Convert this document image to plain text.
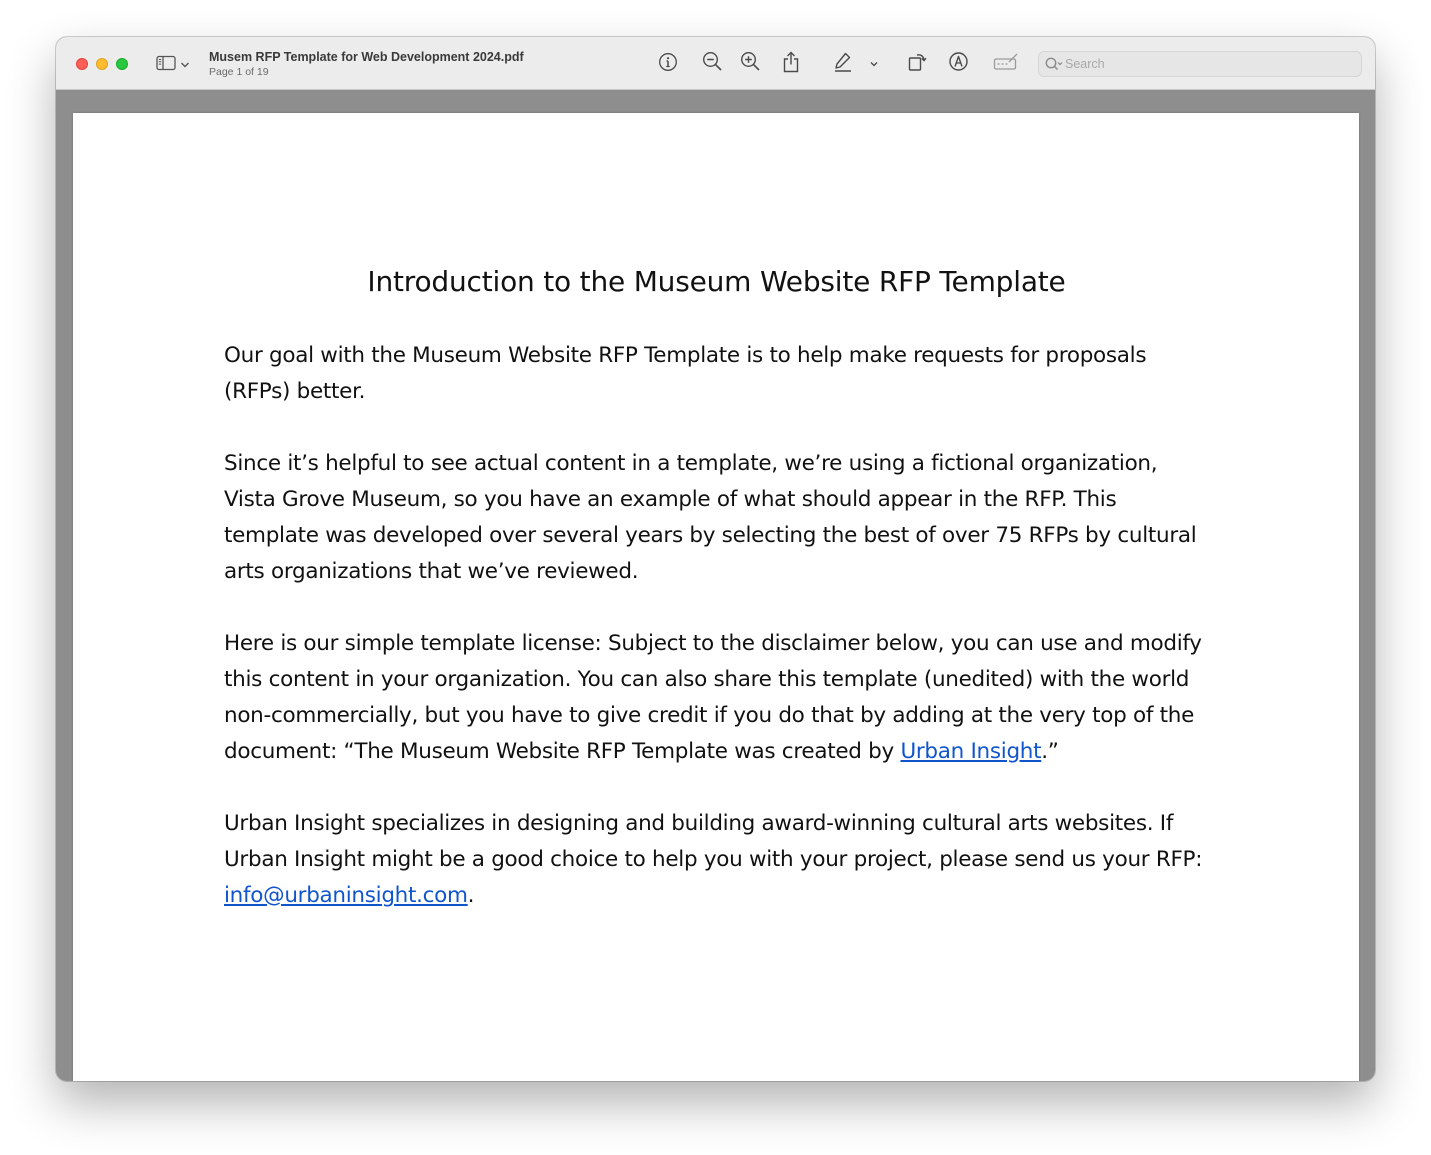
Musem RFP Template for Web Development 2024.pdf
Page 1 of 19
Search
Introduction to the Museum Website RFP Template

Our goal with the Museum Website RFP Template is to help make requests for proposals (RFPs) better.

Since it’s helpful to see actual content in a template, we’re using a fictional organization, Vista Grove Museum, so you have an example of what should appear in the RFP. This template was developed over several years by selecting the best of over 75 RFPs by cultural arts organizations that we’ve reviewed.

Here is our simple template license: Subject to the disclaimer below, you can use and modify this content in your organization. You can also share this template (unedited) with the world non-commercially, but you have to give credit if you do that by adding at the very top of the document: “The Museum Website RFP Template was created by Urban Insight.”

Urban Insight specializes in designing and building award-winning cultural arts websites. If Urban Insight might be a good choice to help you with your project, please send us your RFP: info@urbaninsight.com.
